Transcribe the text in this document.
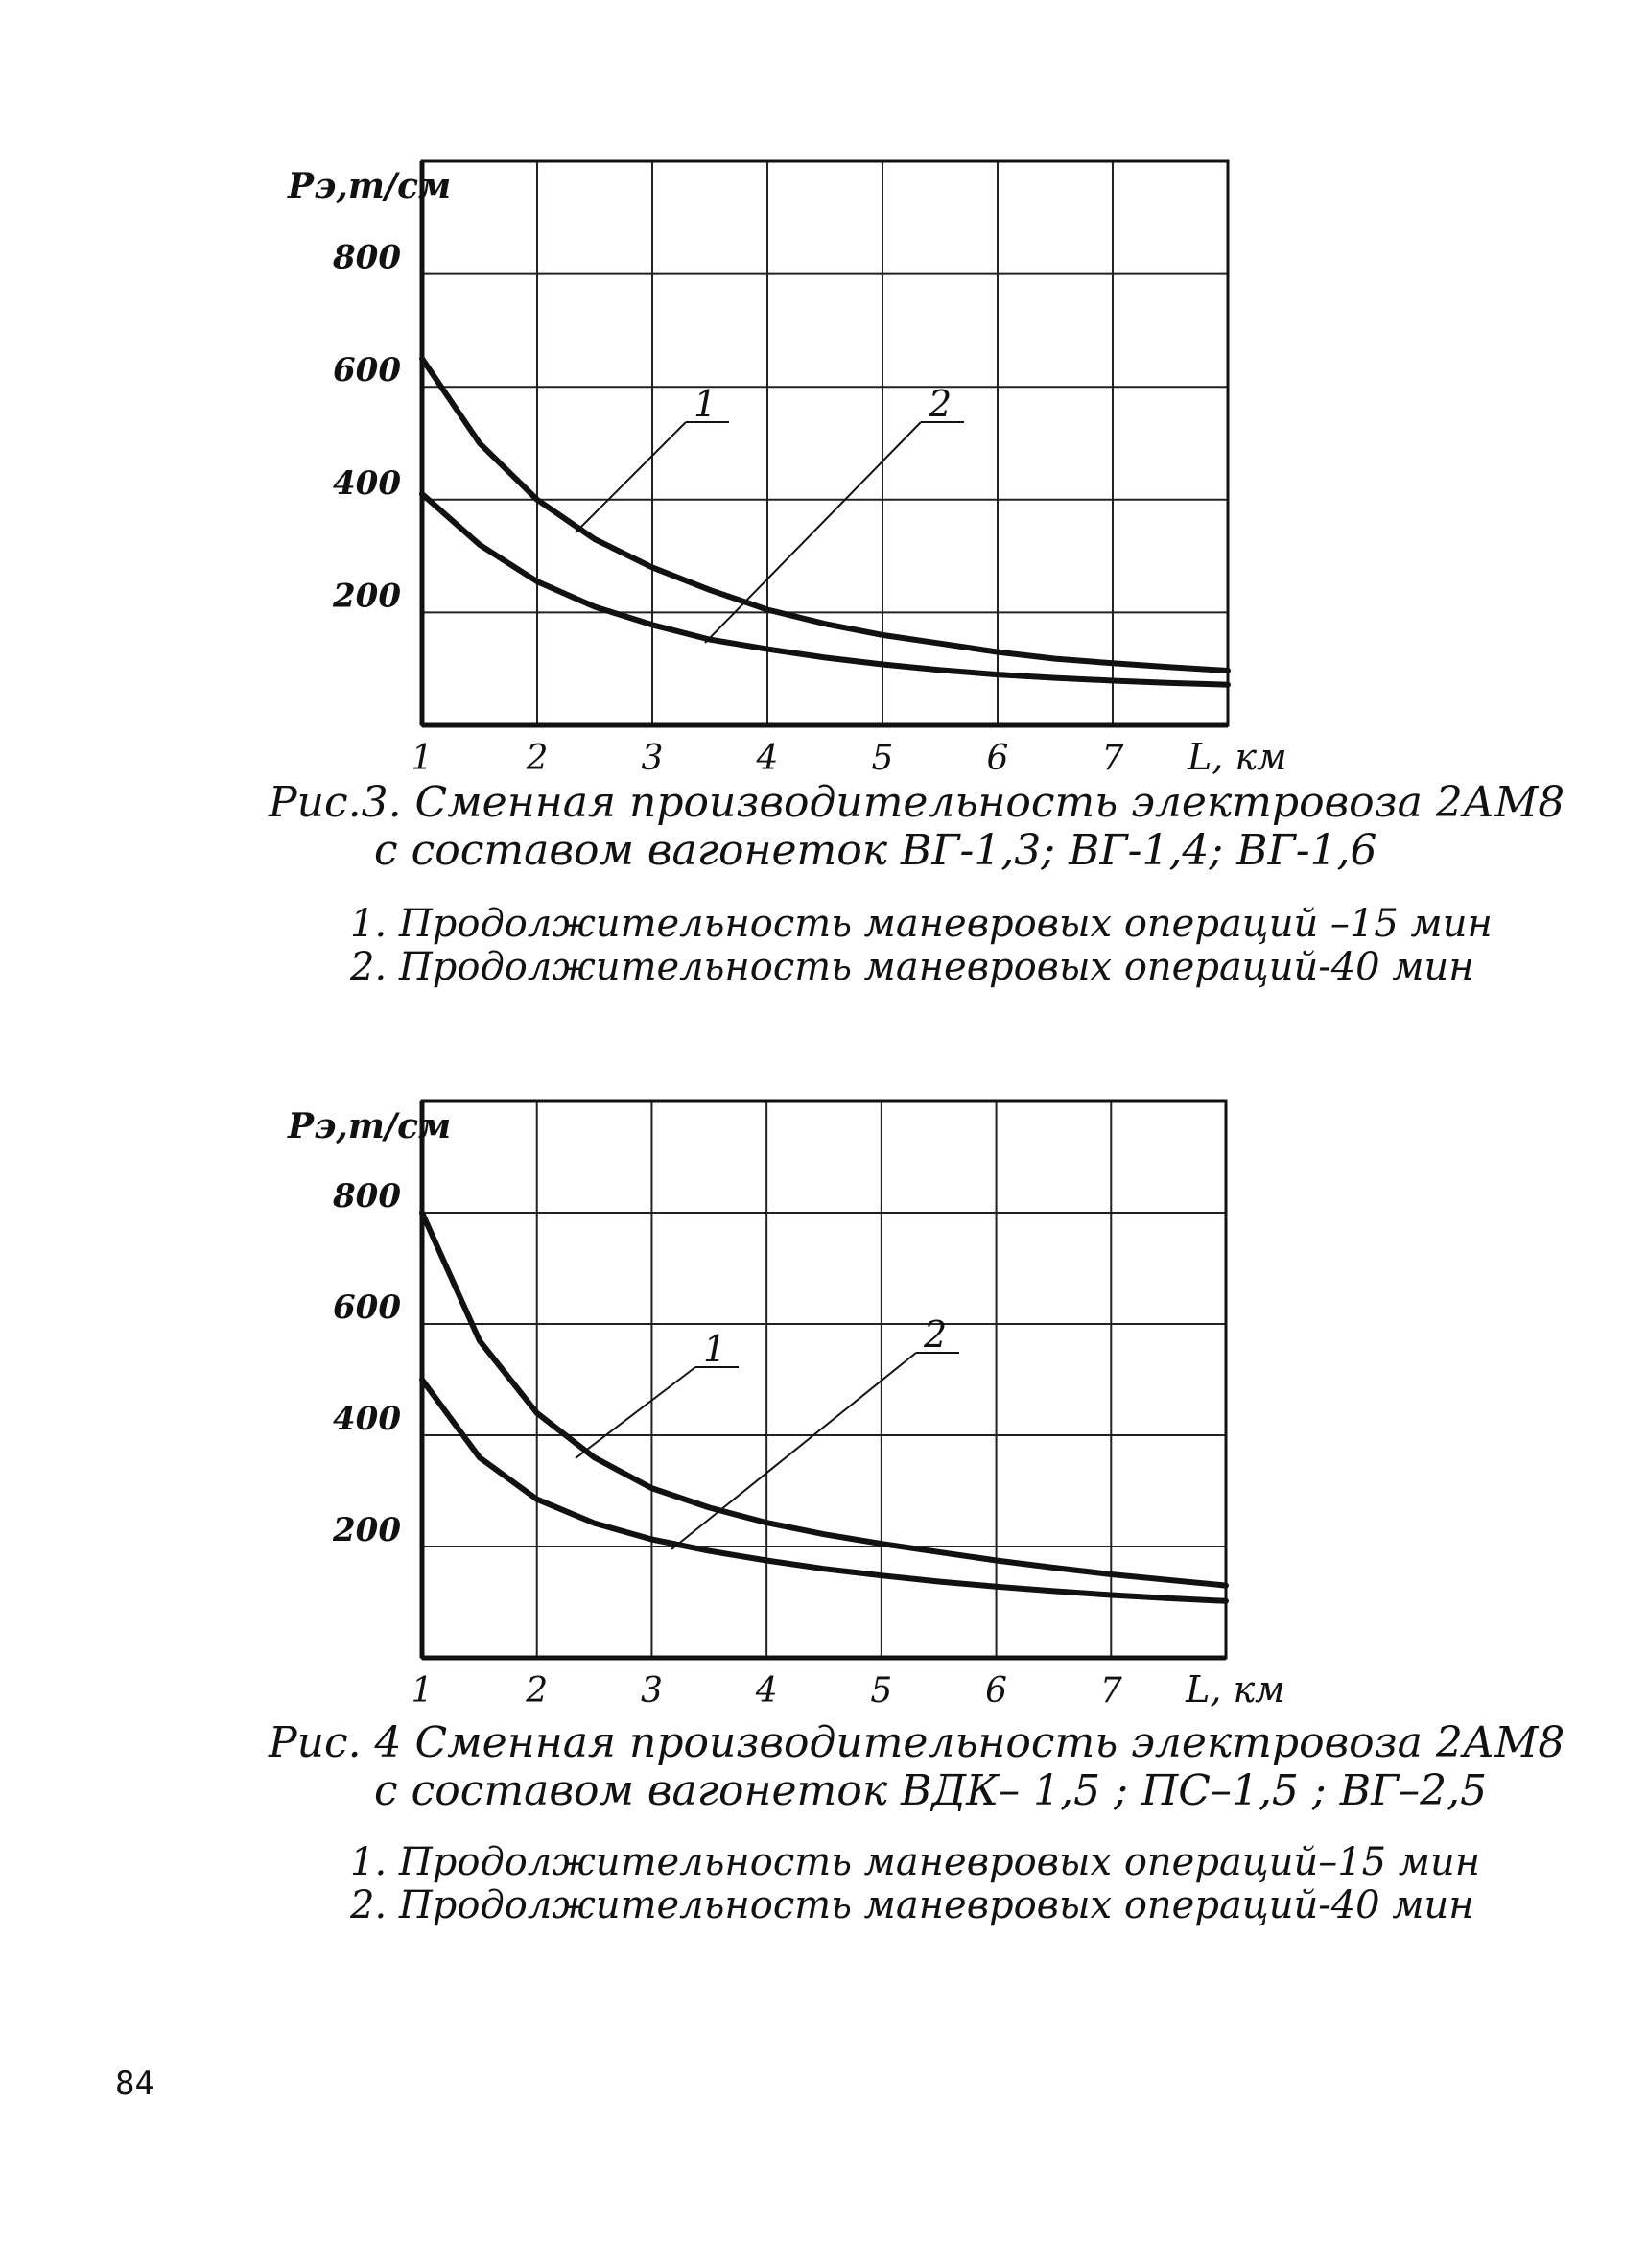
200
400
600
800
Рэ,т/см
1	2	3	4	5	6	7 L, км
1	2
Рис.3. Сменная производительность электровоза 2АМ8
с составом вагонеток ВГ-1,3; ВГ-1,4; ВГ-1,6
1. Продолжительность маневровых операций –15 мин
2. Продолжительность маневровых операций-40 мин
200
400
600
800
Рэ,т/см
1	2	3	4	5	6	7 L, км
1	2
Рис. 4 Сменная производительность электровоза 2АМ8
с составом вагонеток ВДК– 1,5 ; ПС–1,5 ; ВГ–2,5
1. Продолжительность маневровых операций–15 мин
2. Продолжительность маневровых операций-40 мин
84
